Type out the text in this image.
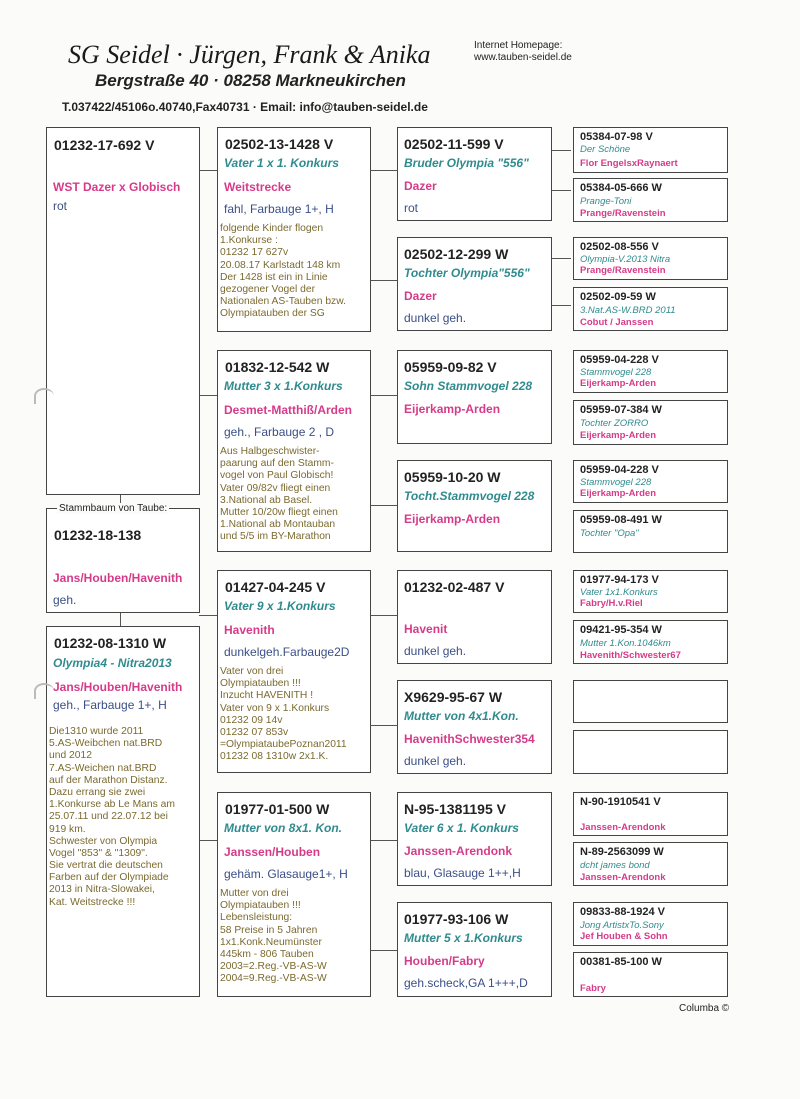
SG Seidel · Jürgen, Frank & Anika
Bergstraße 40 · 08258 Markneukirchen
T.037422/45106o.40740,Fax40731 · Email: info@tauben-seidel.de
Internet Homepage:
www.tauben-seidel.de
01232-17-692 V
WST Dazer x Globisch
rot
01232-18-138
Jans/Houben/Havenith
geh.
Stammbaum von Taube:
01232-08-1310 W
Olympia4 - Nitra2013
Jans/Houben/Havenith
geh., Farbauge 1+, H
Die1310 wurde 2011
5.AS-Weibchen nat.BRD
und 2012
7.AS-Weichen nat.BRD
auf der Marathon Distanz.
Dazu errang sie zwei
1.Konkurse ab Le Mans am
25.07.11 und 22.07.12 bei
919 km.
Schwester von Olympia
Vogel "853" & "1309".
Sie vertrat die deutschen
Farben auf der Olympiade
2013 in Nitra-Slowakei,
Kat. Weitstrecke !!!
02502-13-1428 V
Vater 1 x 1. Konkurs
Weitstrecke
fahl, Farbauge 1+, H
folgende Kinder flogen
1.Konkurse :
01232 17 627v
20.08.17 Karlstadt 148 km
Der 1428 ist ein in Linie
gezogener Vogel der
Nationalen AS-Tauben bzw.
Olympiatauben der SG
01832-12-542 W
Mutter 3 x 1.Konkurs
Desmet-Matthiß/Arden
geh., Farbauge 2 , D
Aus Halbgeschwister-
paarung auf den Stamm-
vogel von Paul Globisch!
Vater 09/82v fliegt einen
3.National ab Basel.
Mutter 10/20w fliegt einen
1.National ab Montauban
und 5/5 im BY-Marathon
01427-04-245 V
Vater 9 x 1.Konkurs
Havenith
dunkelgeh.Farbauge2D
Vater von drei
Olympiatauben !!!
Inzucht HAVENITH !
Vater von 9 x 1.Konkurs
01232 09 14v
01232 07 853v
=OlympiataubePoznan2011
01232 08 1310w 2x1.K.
01977-01-500 W
Mutter von 8x1. Kon.
Janssen/Houben
gehäm. Glasauge1+, H
Mutter von drei
Olympiatauben !!!
Lebensleistung:
58 Preise in 5 Jahren
1x1.Konk.Neumünster
445km - 806 Tauben
2003=2.Reg.-VB-AS-W
2004=9.Reg.-VB-AS-W
02502-11-599 V
Bruder Olympia "556"
Dazer
rot
02502-12-299 W
Tochter Olympia"556"
Dazer
dunkel geh.
05959-09-82 V
Sohn Stammvogel 228
Eijerkamp-Arden
05959-10-20 W
Tocht.Stammvogel 228
Eijerkamp-Arden
01232-02-487 V
Havenit
dunkel geh.
X9629-95-67 W
Mutter von 4x1.Kon.
HavenithSchwester354
dunkel geh.
N-95-1381195 V
Vater 6 x 1. Konkurs
Janssen-Arendonk
blau, Glasauge 1++,H
01977-93-106 W
Mutter 5 x 1.Konkurs
Houben/Fabry
geh.scheck,GA 1+++,D
05384-07-98 V
Der Schöne
Flor EngelsxRaynaert
05384-05-666 W
Prange-Toni
Prange/Ravenstein
02502-08-556 V
Olympia-V.2013 Nitra
Prange/Ravenstein
02502-09-59 W
3.Nat.AS-W.BRD 2011
Cobut / Janssen
05959-04-228 V
Stammvogel 228
Eijerkamp-Arden
05959-07-384 W
Tochter ZORRO
Eijerkamp-Arden
05959-04-228 V
Stammvogel 228
Eijerkamp-Arden
05959-08-491 W
Tochter "Opa"
01977-94-173 V
Vater 1x1.Konkurs
Fabry/H.v.Riel
09421-95-354 W
Mutter 1.Kon.1046km
Havenith/Schwester67
N-90-1910541 V
Janssen-Arendonk
N-89-2563099 W
dcht james bond
Janssen-Arendonk
09833-88-1924 V
Jong ArtistxTo.Sony
Jef Houben & Sohn
00381-85-100 W
Fabry
Columba ©
